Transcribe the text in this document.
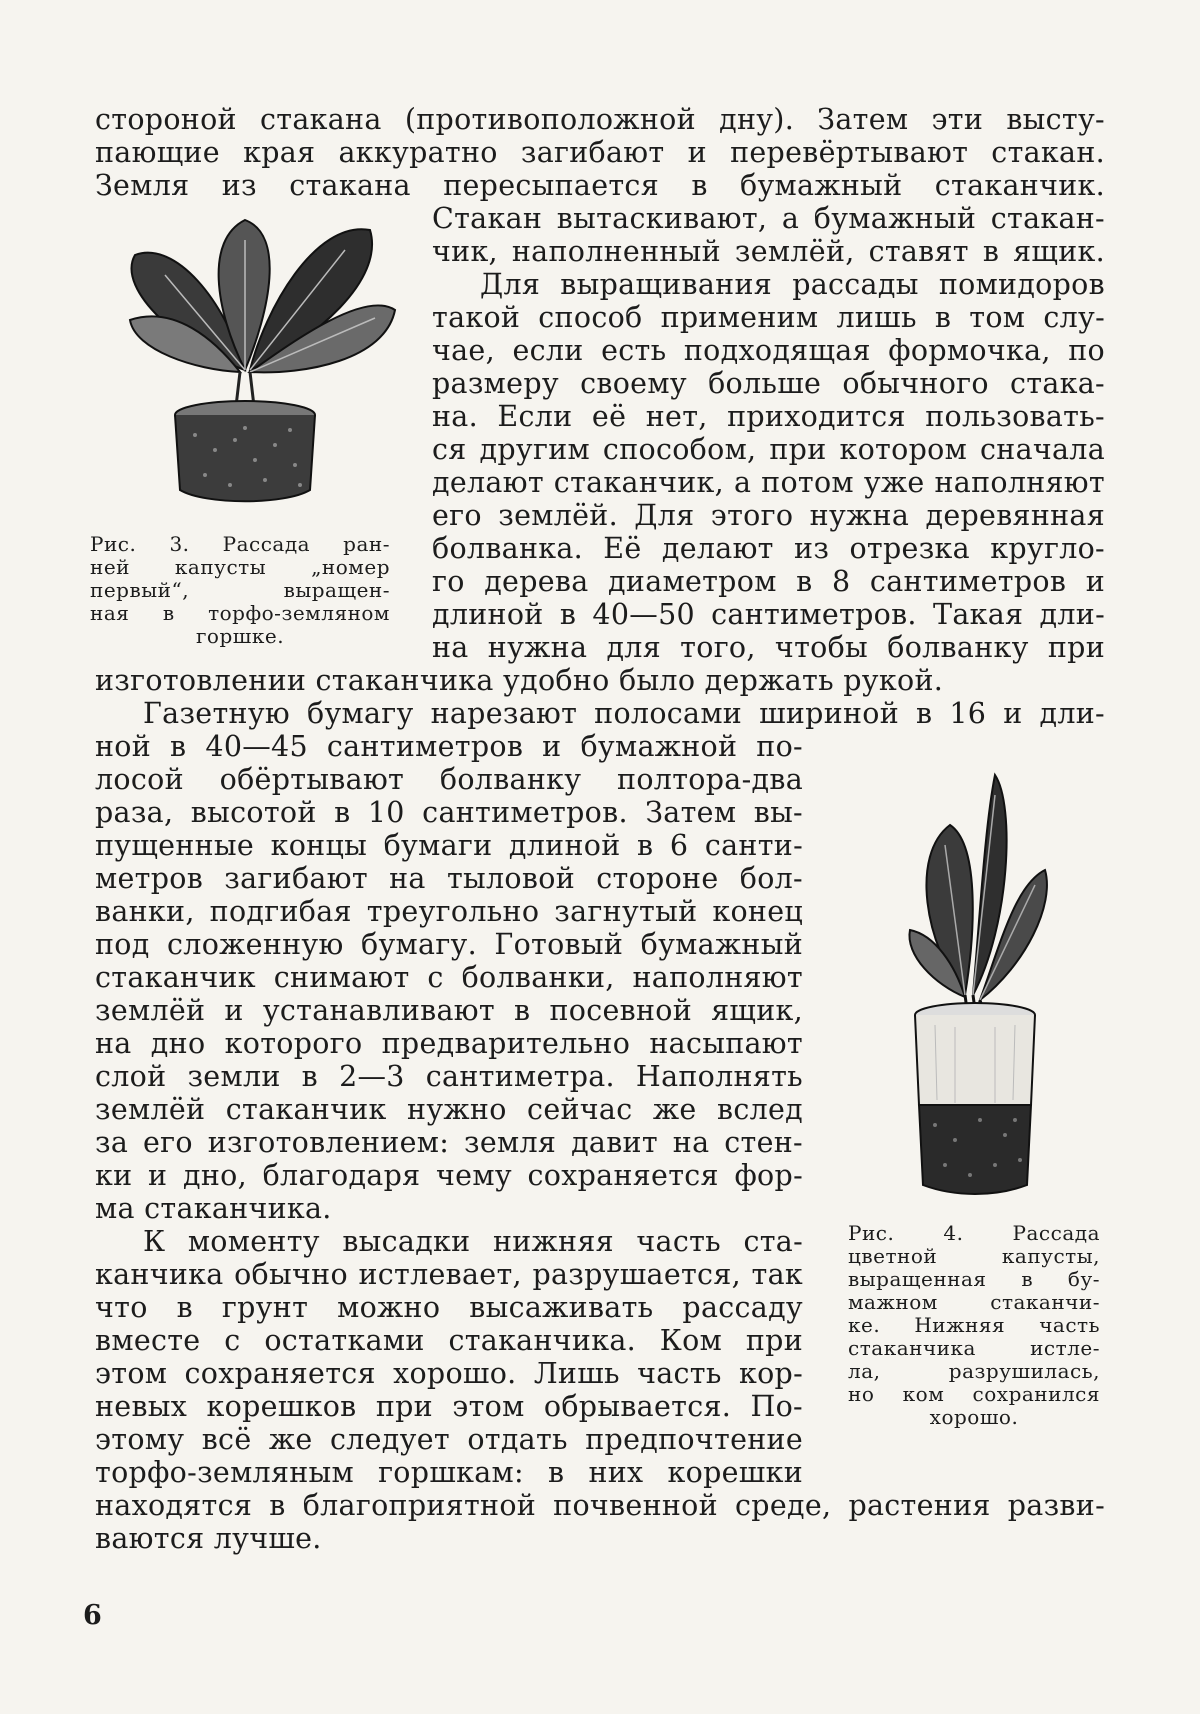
стороной стакана (противоположной дну). Затем эти высту-
пающие края аккуратно загибают и перевёртывают стакан.
Земля из стакана пересыпается в бумажный стаканчик.
Рис. 3. Рассада ран-
ней капусты „номер
первый“, выращен-
ная в торфо-земляном
горшке.
Стакан вытаскивают, а бумажный стакан-
чик, наполненный землёй, ставят в ящик.
Для выращивания рассады помидоров
такой способ применим лишь в том слу-
чае, если есть подходящая формочка, по
размеру своему больше обычного стака-
на. Если её нет, приходится пользовать-
ся другим способом, при котором сначала
делают стаканчик, а потом уже наполняют
его землёй. Для этого нужна деревянная
болванка. Её делают из отрезка кругло-
го дерева диаметром в 8 сантиметров и
длиной в 40—50 сантиметров. Такая дли-
на нужна для того, чтобы болванку при
изготовлении стаканчика удобно было держать рукой.
Газетную бумагу нарезают полосами шириной в 16 и дли-
ной в 40—45 сантиметров и бумажной по-
лосой обёртывают болванку полтора-два
раза, высотой в 10 сантиметров. Затем вы-
пущенные концы бумаги длиной в 6 санти-
метров загибают на тыловой стороне бол-
ванки, подгибая треугольно загнутый конец
под сложенную бумагу. Готовый бумажный
стаканчик снимают с болванки, наполняют
землёй и устанавливают в посевной ящик,
на дно которого предварительно насыпают
слой земли в 2—3 сантиметра. Наполнять
землёй стаканчик нужно сейчас же вслед
за его изготовлением: земля давит на стен-
ки и дно, благодаря чему сохраняется фор-
ма стаканчика.
К моменту высадки нижняя часть ста-
канчика обычно истлевает, разрушается, так
что в грунт можно высаживать рассаду
вместе с остатками стаканчика. Ком при
этом сохраняется хорошо. Лишь часть кор-
невых корешков при этом обрывается. По-
этому всё же следует отдать предпочтение
торфо-земляным горшкам: в них корешки
Рис. 4. Рассада
цветной капусты,
выращенная в бу-
мажном стаканчи-
ке. Нижняя часть
стаканчика истле-
ла, разрушилась,
но ком сохранился
хорошо.
находятся в благоприятной почвенной среде, растения разви-
ваются лучше.
6
